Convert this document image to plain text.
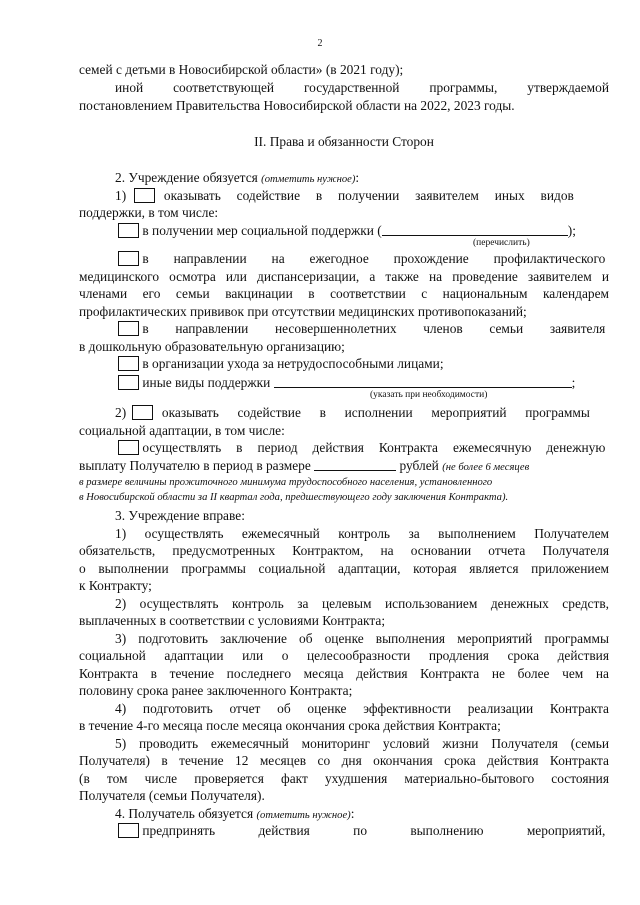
2
семей с детьми в Новосибирской области» (в 2021 году);
иной соответствующей государственной программы, утверждаемой
постановлением Правительства Новосибирской области на 2022, 2023 годы.
II. Права и обязанности Сторон
2. Учреждение обязуется (отметить нужное):
1)	оказывать содействие в получении заявителем иных видов
поддержки, в том числе:
в получении мер социальной поддержки (	);
(перечислить)
в направлении на ежегодное прохождение профилактического
медицинского осмотра или диспансеризации, а также на проведение заявителем и
членами его семьи вакцинации в соответствии с национальным календарем
профилактических прививок при отсутствии медицинских противопоказаний;
в направлении несовершеннолетних членов семьи заявителя
в дошкольную образовательную организацию;
в организации ухода за нетрудоспособными лицами;
иные виды поддержки	;
(указать при необходимости)
2)	оказывать содействие в исполнении мероприятий программы
социальной адаптации, в том числе:
осуществлять в период действия Контракта ежемесячную денежную
выплату Получателю в период в размере	рублей (не более 6 месяцев
в размере величины прожиточного минимума трудоспособного населения, установленного
в Новосибирской области за II квартал года, предшествующего году заключения Контракта).
3. Учреждение вправе:
1) осуществлять ежемесячный контроль за выполнением Получателем
обязательств, предусмотренных Контрактом, на основании отчета Получателя
о выполнении программы социальной адаптации, которая является приложением
к Контракту;
2) осуществлять контроль за целевым использованием денежных средств,
выплаченных в соответствии с условиями Контракта;
3) подготовить заключение об оценке выполнения мероприятий программы
социальной адаптации или о целесообразности продления срока действия
Контракта в течение последнего месяца действия Контракта не более чем на
половину срока ранее заключенного Контракта;
4) подготовить отчет об оценке эффективности реализации Контракта
в течение 4-го месяца после месяца окончания срока действия Контракта;
5) проводить ежемесячный мониторинг условий жизни Получателя (семьи
Получателя) в течение 12 месяцев со дня окончания срока действия Контракта
(в том числе проверяется факт ухудшения материально-бытового состояния
Получателя (семьи Получателя).
4. Получатель обязуется (отметить нужное):
предпринять действия по выполнению мероприятий,
